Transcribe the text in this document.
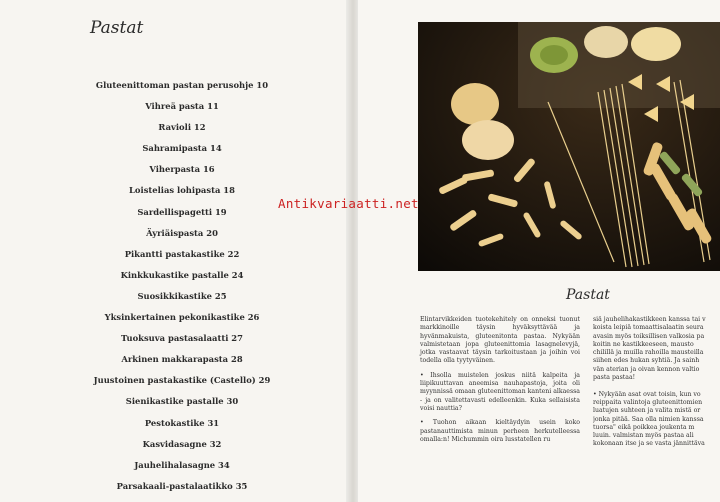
Pastat
Gluteenittoman pastan perusohje 10
Vihreä pasta 11
Ravioli 12
Sahramipasta 14
Viherpasta 16
Loistelias lohipasta 18
Sardellispagetti 19
Äyriäispasta 20
Pikantti pastakastike 22
Kinkkukastike pastalle 24
Suosikkikastike 25
Yksinkertainen pekonikastike 26
Tuoksuva pastasalaatti 27
Arkinen makkarapasta 28
Juustoinen pastakastike (Castello) 29
Sienikastike pastalle 30
Pestokastike 31
Kasvidasagne 32
Jauhelihalasagne 34
Parsakaali-pastalaatikko 35
Pastat

Elintarvikkeiden tuotekehitely on onneksi tuonut markkinoille täysin hyväksyttävää ja hyvänmakuista, gluteenitonta pastaa. Nykyään valmistetaan jopa gluteenittomia lasagnelevyjä, jotka vastaavat täysin tarkoitustaan ja joihin voi todella olla tyytyväinen.

• Ihsolla muistelen joskus niitä kalpeita ja liipikuuttavan aneemisa nauhapastoja, joita oli myynnissä omaan gluteenittoman kanteni alkaessa - ja on valitettavasti edelleenkin. Kuka sellaisista voisi nauttia?

• Tuohon aikaan kieltäydyin usein koko pastanauttimista minun perheen herkutelleessa omalla:n! Michummin oira lusstatellen ru

siä jauhelihakastikkeen kanssa tai v
koista leipiä tomaattisalaatin seura
avasin myös toiksillisen valkosia pa
koitin ne kastikkeeseen, mausto
chilillä ja muilla rahoilla mausteilla
siihen edes hukan syhtiä. Ja sainh
vän aterian ja oivan kennon valtio
pasta pastaa!
• Nykyään asat ovat toisin, kun vo
reippaita valintoja gluteenittomien
luatujen suhteen ja valita mistä or
jonka pitää. Saa olla nimien kanssa
tuorsa" eikä poikkea joukenta m
luuin. valmistan myös pastaa ali
kokonaan itse ja se vasta jännittäva
Antikvariaatti.net
